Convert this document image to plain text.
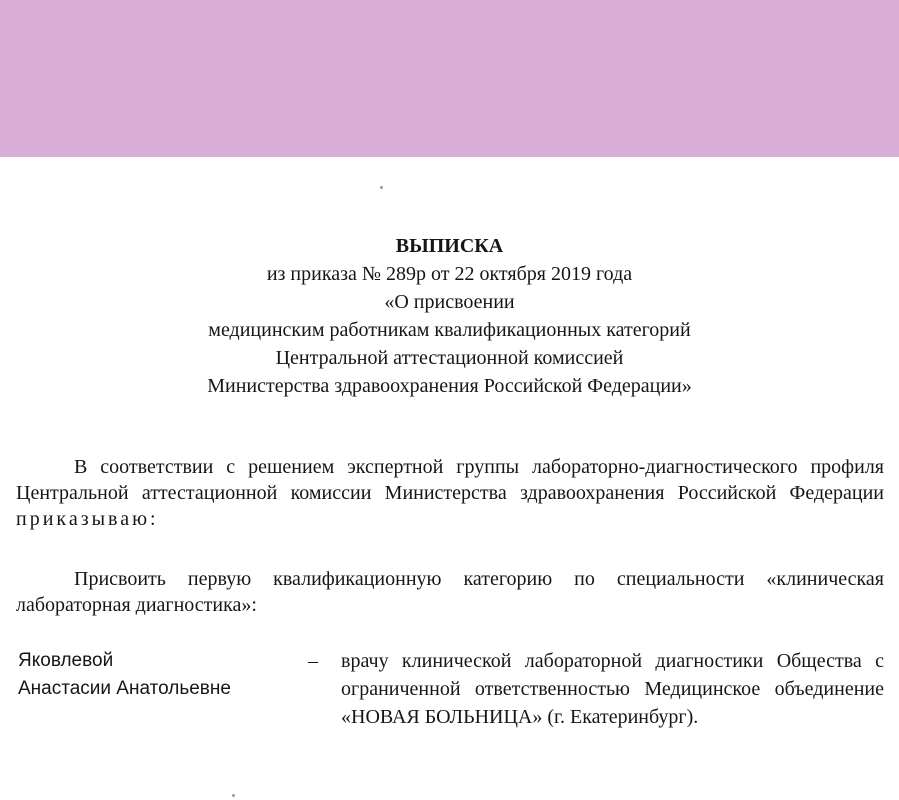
ВЫПИСКА
из приказа № 289р от 22 октября 2019 года
«О присвоении
медицинским работникам квалификационных категорий
Центральной аттестационной комиссией
Министерства здравоохранения Российской Федерации»
В соответствии с решением экспертной группы лабораторно-диагностического профиля Центральной аттестационной комиссии Министерства здравоохранения Российской Федерации приказываю:
Присвоить первую квалификационную категорию по специальности «клиническая лабораторная диагностика»:
Яковлевой
Анастасии Анатольевне
– врачу клинической лабораторной диагностики Общества с ограниченной ответственностью Медицинское объединение «НОВАЯ БОЛЬНИЦА» (г. Екатеринбург).
